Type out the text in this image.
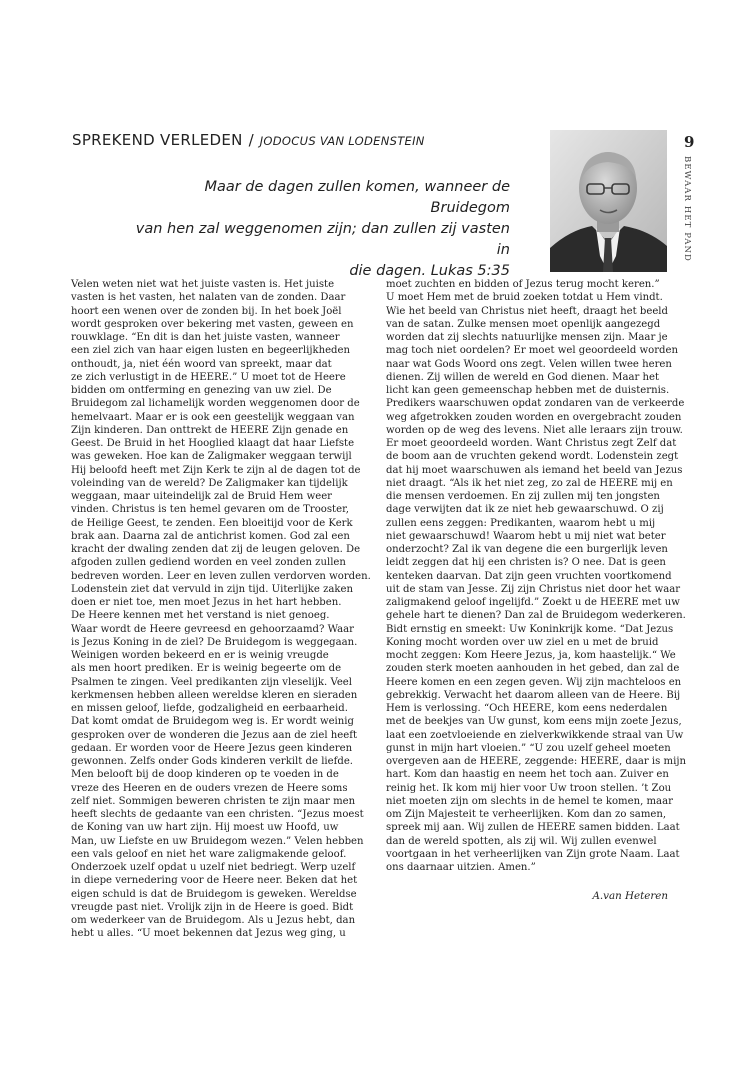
SPREKEND VERLEDEN / JODOCUS VAN LODENSTEIN
Maar de dagen zullen komen, wanneer de Bruidegom
van hen zal weggenomen zijn; dan zullen zij vasten in
die dagen. Lukas 5:35
9
BEWAAR HET PAND
Velen weten niet wat het juiste vasten is. Het juiste
vasten is het vasten, het nalaten van de zonden. Daar
hoort een wenen over de zonden bij. In het boek Joël
wordt gesproken over bekering met vasten, geween en
rouwklage. “En dit is dan het juiste vasten, wanneer
een ziel zich van haar eigen lusten en begeerlijkheden
onthoudt, ja, niet één woord van spreekt, maar dat
ze zich verlustigt in de HEERE.” U moet tot de Heere
bidden om ontferming en genezing van uw ziel. De
Bruidegom zal lichamelijk worden weggenomen door de
hemelvaart. Maar er is ook een geestelijk weggaan van
Zijn kinderen. Dan onttrekt de HEERE Zijn genade en
Geest. De Bruid in het Hooglied klaagt dat haar Liefste
was geweken. Hoe kan de Zaligmaker weggaan terwijl
Hij beloofd heeft met Zijn Kerk te zijn al de dagen tot de
voleinding van de wereld? De Zaligmaker kan tijdelijk
weggaan, maar uiteindelijk zal de Bruid Hem weer
vinden. Christus is ten hemel gevaren om de Trooster,
de Heilige Geest, te zenden. Een bloeitijd voor de Kerk
brak aan. Daarna zal de antichrist komen. God zal een
kracht der dwaling zenden dat zij de leugen geloven. De
afgoden zullen gediend worden en veel zonden zullen
bedreven worden. Leer en leven zullen verdorven worden.
Lodenstein ziet dat vervuld in zijn tijd. Uiterlijke zaken
doen er niet toe, men moet Jezus in het hart hebben.
De Heere kennen met het verstand is niet genoeg.
Waar wordt de Heere gevreesd en gehoorzaamd? Waar
is Jezus Koning in de ziel? De Bruidegom is weggegaan.
Weinigen worden bekeerd en er is weinig vreugde
als men hoort prediken. Er is weinig begeerte om de
Psalmen te zingen. Veel predikanten zijn vleselijk. Veel
kerkmensen hebben alleen wereldse kleren en sieraden
en missen geloof, liefde, godzaligheid en eerbaarheid.
Dat komt omdat de Bruidegom weg is. Er wordt weinig
gesproken over de wonderen die Jezus aan de ziel heeft
gedaan. Er worden voor de Heere Jezus geen kinderen
gewonnen. Zelfs onder Gods kinderen verkilt de liefde.
Men belooft bij de doop kinderen op te voeden in de
vreze des Heeren en de ouders vrezen de Heere soms
zelf niet. Sommigen beweren christen te zijn maar men
heeft slechts de gedaante van een christen. “Jezus moest
de Koning van uw hart zijn. Hij moest uw Hoofd, uw
Man, uw Liefste en uw Bruidegom wezen.” Velen hebben
een vals geloof en niet het ware zaligmakende geloof.
Onderzoek uzelf opdat u uzelf niet bedriegt. Werp uzelf
in diepe vernedering voor de Heere neer. Beken dat het
eigen schuld is dat de Bruidegom is geweken. Wereldse
vreugde past niet. Vrolijk zijn in de Heere is goed. Bidt
om wederkeer van de Bruidegom. Als u Jezus hebt, dan
hebt u alles. “U moet bekennen dat Jezus weg ging, u
moet zuchten en bidden of Jezus terug mocht keren.”
U moet Hem met de bruid zoeken totdat u Hem vindt.
Wie het beeld van Christus niet heeft, draagt het beeld
van de satan. Zulke mensen moet openlijk aangezegd
worden dat zij slechts natuurlijke mensen zijn. Maar je
mag toch niet oordelen? Er moet wel geoordeeld worden
naar wat Gods Woord ons zegt. Velen willen twee heren
dienen. Zij willen de wereld en God dienen. Maar het
licht kan geen gemeenschap hebben met de duisternis.
Predikers waarschuwen opdat zondaren van de verkeerde
weg afgetrokken zouden worden en overgebracht zouden
worden op de weg des levens. Niet alle leraars zijn trouw.
Er moet geoordeeld worden. Want Christus zegt Zelf dat
de boom aan de vruchten gekend wordt. Lodenstein zegt
dat hij moet waarschuwen als iemand het beeld van Jezus
niet draagt. “Als ik het niet zeg, zo zal de HEERE mij en
die mensen verdoemen. En zij zullen mij ten jongsten
dage verwijten dat ik ze niet heb gewaarschuwd. O zij
zullen eens zeggen: Predikanten, waarom hebt u mij
niet gewaarschuwd! Waarom hebt u mij niet wat beter
onderzocht? Zal ik van degene die een burgerlijk leven
leidt zeggen dat hij een christen is? O nee. Dat is geen
kenteken daarvan. Dat zijn geen vruchten voortkomend
uit de stam van Jesse. Zij zijn Christus niet door het waar
zaligmakend geloof ingelijfd.” Zoekt u de HEERE met uw
gehele hart te dienen? Dan zal de Bruidegom wederkeren.
Bidt ernstig en smeekt: Uw Koninkrijk kome. “Dat Jezus
Koning mocht worden over uw ziel en u met de bruid
mocht zeggen: Kom Heere Jezus, ja, kom haastelijk.“ We
zouden sterk moeten aanhouden in het gebed, dan zal de
Heere komen en een zegen geven. Wij zijn machteloos en
gebrekkig. Verwacht het daarom alleen van de Heere. Bij
Hem is verlossing. “Och HEERE, kom eens nederdalen
met de beekjes van Uw gunst, kom eens mijn zoete Jezus,
laat een zoetvloeiende en zielverkwikkende straal van Uw
gunst in mijn hart vloeien.” “U zou uzelf geheel moeten
overgeven aan de HEERE, zeggende: HEERE, daar is mijn
hart. Kom dan haastig en neem het toch aan. Zuiver en
reinig het. Ik kom mij hier voor Uw troon stellen. ’t Zou
niet moeten zijn om slechts in de hemel te komen, maar
om Zijn Majesteit te verheerlijken. Kom dan zo samen,
spreek mij aan. Wij zullen de HEERE samen bidden. Laat
dan de wereld spotten, als zij wil. Wij zullen evenwel
voortgaan in het verheerlijken van Zijn grote Naam. Laat
ons daarnaar uitzien. Amen.”
A.van Heteren
